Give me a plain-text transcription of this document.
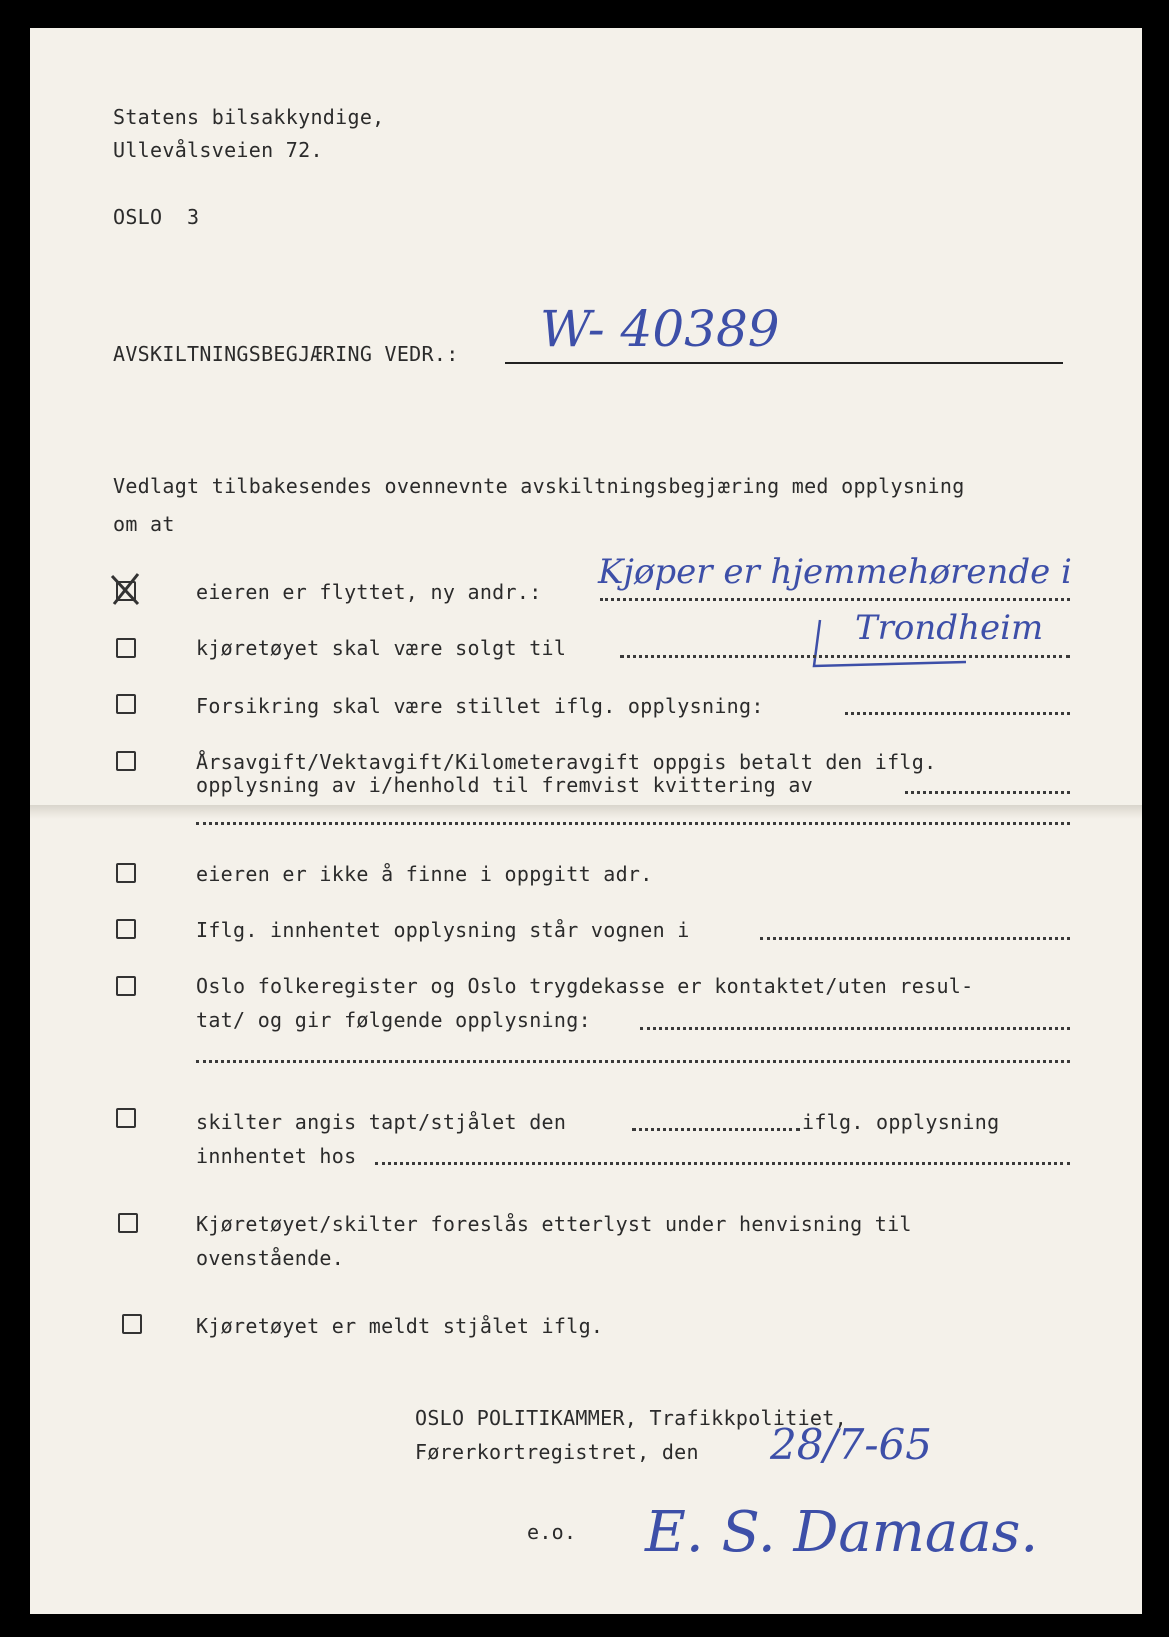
Statens bilsakkyndige,
Ullevålsveien 72.
OSLO  3
AVSKILTNINGSBEGJÆRING VEDR.: W- 40389
Vedlagt tilbakesendes ovennevnte avskiltningsbegjæring med opplysning
om at
eieren er flyttet, ny andr.: Kjøper er hjemmehørende i
Trondheim
kjøretøyet skal være solgt til
Forsikring skal være stillet iflg. opplysning:
Årsavgift/Vektavgift/Kilometeravgift oppgis betalt den iflg.
opplysning av i/henhold til fremvist kvittering av
eieren er ikke å finne i oppgitt adr.
Iflg. innhentet opplysning står vognen i
Oslo folkeregister og Oslo trygdekasse er kontaktet/uten resul-
tat/ og gir følgende opplysning:
skilter angis tapt/stjålet den	iflg. opplysning
innhentet hos
Kjøretøyet/skilter foreslås etterlyst under henvisning til
ovenstående.
Kjøretøyet er meldt stjålet iflg.
OSLO POLITIKAMMER, Trafikkpolitiet,
Førerkortregistret, den 28/7-65
e.o. E. S. Damaas.
